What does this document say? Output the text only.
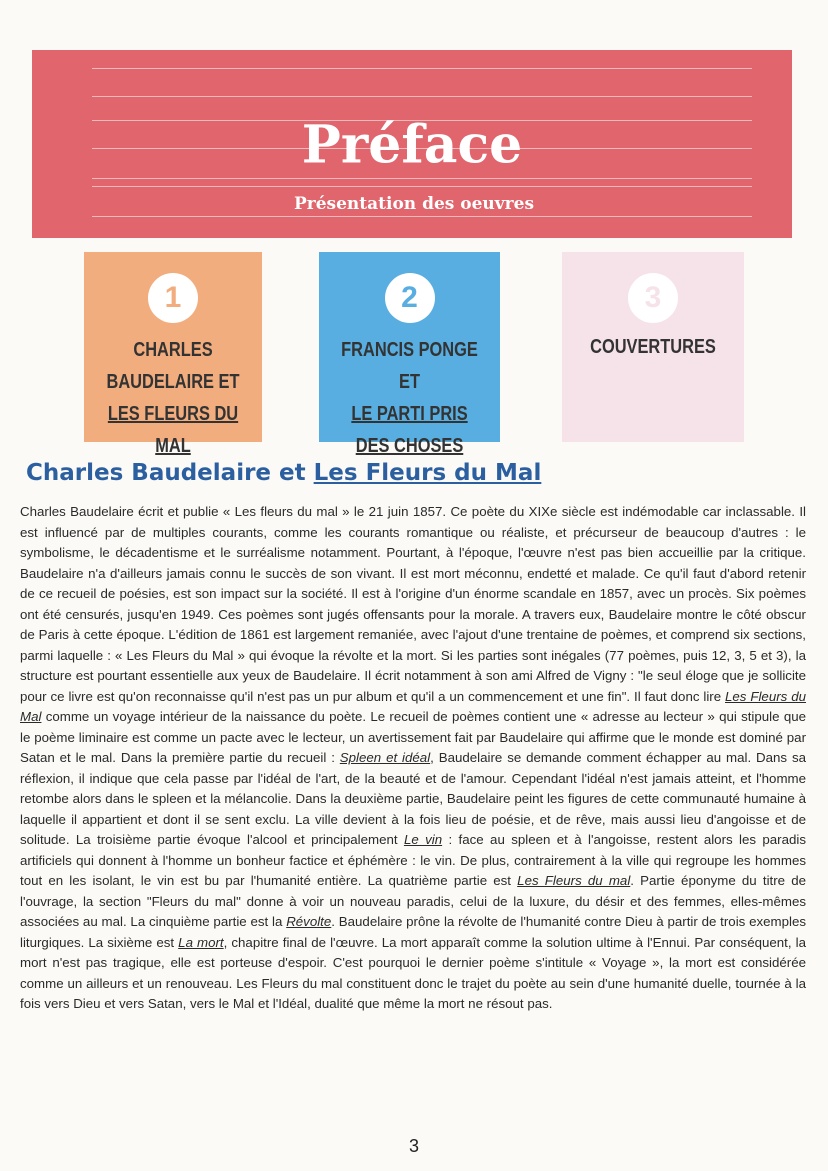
Préface
Présentation des oeuvres
1
CHARLES
BAUDELAIRE ET
LES FLEURS DU MAL
2
FRANCIS PONGE ET
LE PARTI PRIS
DES CHOSES
3
COUVERTURES
Charles Baudelaire et Les Fleurs du Mal
Charles Baudelaire écrit et publie « Les fleurs du mal » le 21 juin 1857. Ce poète du XIXe siècle est indémodable car inclassable. Il est influencé par de multiples courants, comme les courants romantique ou réaliste, et précurseur de beaucoup d'autres : le symbolisme, le décadentisme et le surréalisme notamment. Pourtant, à l'époque, l'œuvre n'est pas bien accueillie par la critique. Baudelaire n'a d'ailleurs jamais connu le succès de son vivant. Il est mort méconnu, endetté et malade. Ce qu'il faut d'abord retenir de ce recueil de poésies, est son impact sur la société. Il est à l'origine d'un énorme scandale en 1857, avec un procès. Six poèmes ont été censurés, jusqu'en 1949. Ces poèmes sont jugés offensants pour la morale. A travers eux, Baudelaire montre le côté obscur de Paris à cette époque. L'édition de 1861 est largement remaniée, avec l'ajout d'une trentaine de poèmes, et comprend six sections, parmi laquelle : « Les Fleurs du Mal » qui évoque la révolte et la mort. Si les parties sont inégales (77 poèmes, puis 12, 3, 5 et 3), la structure est pourtant essentielle aux yeux de Baudelaire. Il écrit notamment à son ami Alfred de Vigny : "le seul éloge que je sollicite pour ce livre est qu'on reconnaisse qu'il n'est pas un pur album et qu'il a un commencement et une fin". Il faut donc lire Les Fleurs du Mal comme un voyage intérieur de la naissance du poète. Le recueil de poèmes contient une « adresse au lecteur » qui stipule que le poème liminaire est comme un pacte avec le lecteur, un avertissement fait par Baudelaire qui affirme que le monde est dominé par Satan et le mal. Dans la première partie du recueil : Spleen et idéal, Baudelaire se demande comment échapper au mal. Dans sa réflexion, il indique que cela passe par l'idéal de l'art, de la beauté et de l'amour. Cependant l'idéal n'est jamais atteint, et l'homme retombe alors dans le spleen et la mélancolie. Dans la deuxième partie, Baudelaire peint les figures de cette communauté humaine à laquelle il appartient et dont il se sent exclu. La ville devient à la fois lieu de poésie, et de rêve, mais aussi lieu d'angoisse et de solitude. La troisième partie évoque l'alcool et principalement Le vin : face au spleen et à l'angoisse, restent alors les paradis artificiels qui donnent à l'homme un bonheur factice et éphémère : le vin. De plus, contrairement à la ville qui regroupe les hommes tout en les isolant, le vin est bu par l'humanité entière. La quatrième partie est Les Fleurs du mal. Partie éponyme du titre de l'ouvrage, la section "Fleurs du mal" donne à voir un nouveau paradis, celui de la luxure, du désir et des femmes, elles-mêmes associées au mal. La cinquième partie est la Révolte. Baudelaire prône la révolte de l'humanité contre Dieu à partir de trois exemples liturgiques. La sixième est La mort, chapitre final de l'œuvre. La mort apparaît comme la solution ultime à l'Ennui. Par conséquent, la mort n'est pas tragique, elle est porteuse d'espoir. C'est pourquoi le dernier poème s'intitule « Voyage », la mort est considérée comme un ailleurs et un renouveau. Les Fleurs du mal constituent donc le trajet du poète au sein d'une humanité duelle, tournée à la fois vers Dieu et vers Satan, vers le Mal et l'Idéal, dualité que même la mort ne résout pas.
3
